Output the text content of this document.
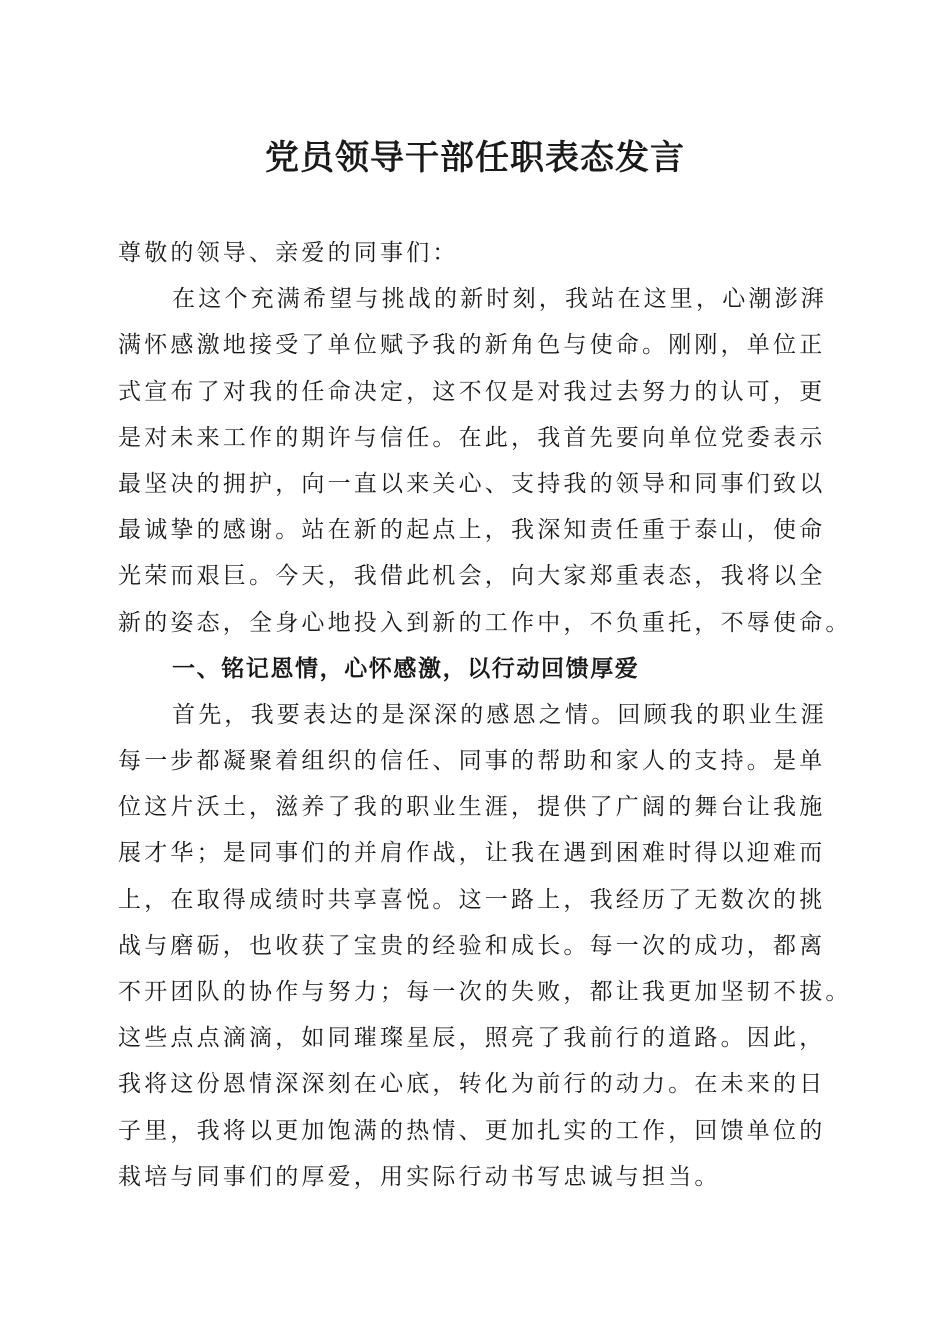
党员领导干部任职表态发言
尊敬的领导、亲爱的同事们：
在这个充满希望与挑战的新时刻，我站在这里，心潮澎湃
满怀感激地接受了单位赋予我的新角色与使命。刚刚，单位正
式宣布了对我的任命决定，这不仅是对我过去努力的认可，更
是对未来工作的期许与信任。在此，我首先要向单位党委表示
最坚决的拥护，向一直以来关心、支持我的领导和同事们致以
最诚挚的感谢。站在新的起点上，我深知责任重于泰山，使命
光荣而艰巨。今天，我借此机会，向大家郑重表态，我将以全
新的姿态，全身心地投入到新的工作中，不负重托，不辱使命。
一、铭记恩情，心怀感激，以行动回馈厚爱
首先，我要表达的是深深的感恩之情。回顾我的职业生涯
每一步都凝聚着组织的信任、同事的帮助和家人的支持。是单
位这片沃土，滋养了我的职业生涯，提供了广阔的舞台让我施
展才华；是同事们的并肩作战，让我在遇到困难时得以迎难而
上，在取得成绩时共享喜悦。这一路上，我经历了无数次的挑
战与磨砺，也收获了宝贵的经验和成长。每一次的成功，都离
不开团队的协作与努力；每一次的失败，都让我更加坚韧不拔。
这些点点滴滴，如同璀璨星辰，照亮了我前行的道路。因此，
我将这份恩情深深刻在心底，转化为前行的动力。在未来的日
子里，我将以更加饱满的热情、更加扎实的工作，回馈单位的
栽培与同事们的厚爱，用实际行动书写忠诚与担当。
